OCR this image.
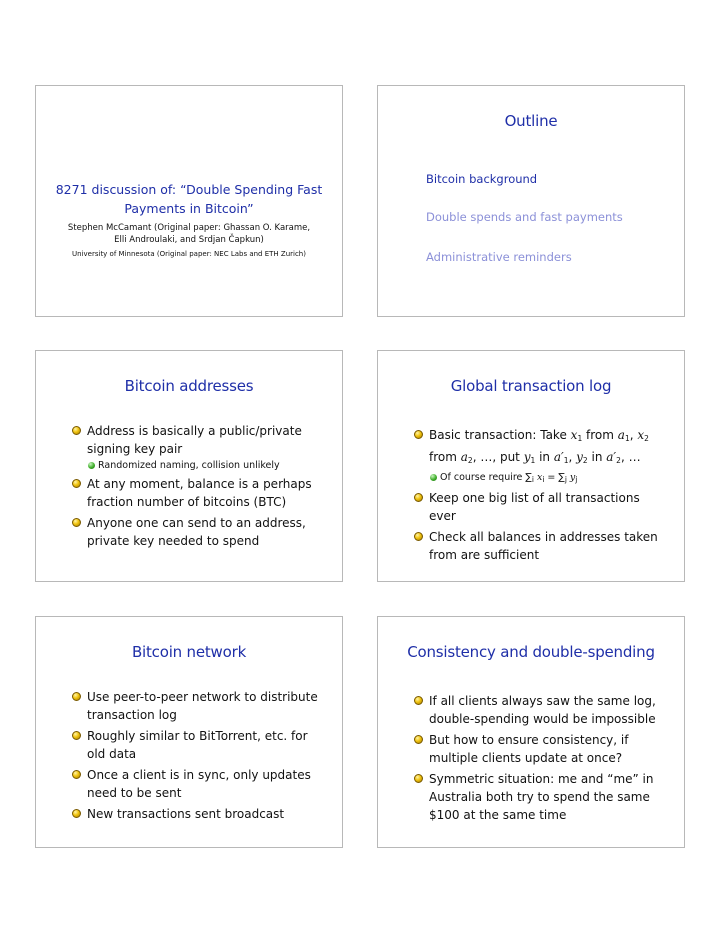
8271 discussion of: “Double Spending Fast
Payments in Bitcoin”
Stephen McCamant (Original paper: Ghassan O. Karame,
Elli Androulaki, and Srdjan Čapkun)
University of Minnesota (Original paper: NEC Labs and ETH Zurich)
Outline
Bitcoin background
Double spends and fast payments
Administrative reminders
Bitcoin addresses
Address is basically a public/private
signing key pair
Randomized naming, collision unlikely
At any moment, balance is a perhaps
fraction number of bitcoins (BTC)
Anyone one can send to an address,
private key needed to spend
Global transaction log
Basic transaction: Take $x_1$ from $a_1$, $x_2$
from $a_2$, …, put $y_1$ in $a'_1$, $y_2$ in $a'_2$, …
Of course require $\sum_i$ $x_i = \sum_j$ $y_j$
Keep one big list of all transactions
ever
Check all balances in addresses taken
from are sufficient
Bitcoin network
Use peer-to-peer network to distribute
transaction log
Roughly similar to BitTorrent, etc. for
old data
Once a client is in sync, only updates
need to be sent
New transactions sent broadcast
Consistency and double-spending
If all clients always saw the same log,
double-spending would be impossible
But how to ensure consistency, if
multiple clients update at once?
Symmetric situation: me and “me” in
Australia both try to spend the same
$100 at the same time
